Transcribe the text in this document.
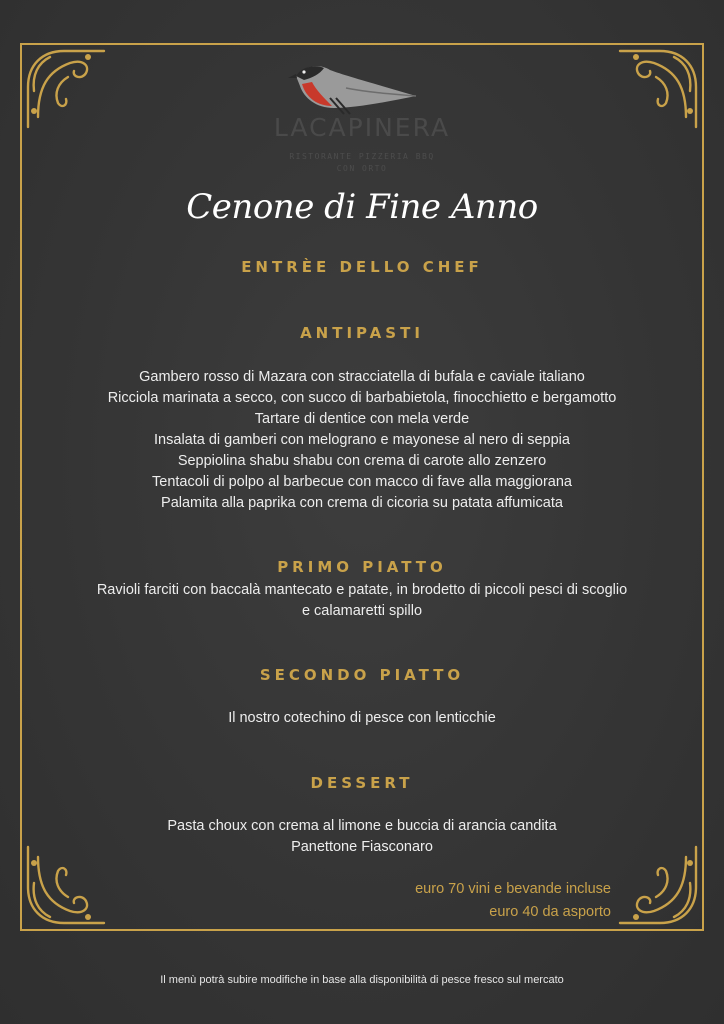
LACAPINERA
RISTORANTE PIZZERIA BBQ
CON ORTO
Cenone di Fine Anno
ENTRÈE DELLO CHEF
ANTIPASTI
Gambero rosso di Mazara con stracciatella di bufala e caviale italiano
Ricciola marinata a secco, con succo di barbabietola, finocchietto e bergamotto
Tartare di dentice con mela verde
Insalata di gamberi con melograno e mayonese al nero di seppia
Seppiolina shabu shabu con crema di carote allo zenzero
Tentacoli di polpo al barbecue con macco di fave alla maggiorana
Palamita alla paprika con crema di cicoria su patata affumicata
PRIMO PIATTO
Ravioli farciti con baccalà mantecato e patate, in brodetto di piccoli pesci di scoglio
e calamaretti spillo
SECONDO PIATTO
Il nostro cotechino di pesce con lenticchie
DESSERT
Pasta choux con crema al limone e buccia di arancia candita
Panettone Fiasconaro
euro 70 vini e bevande incluse
euro 40 da asporto
Il menù potrà subire modifiche in base alla disponibilità di pesce fresco sul mercato
